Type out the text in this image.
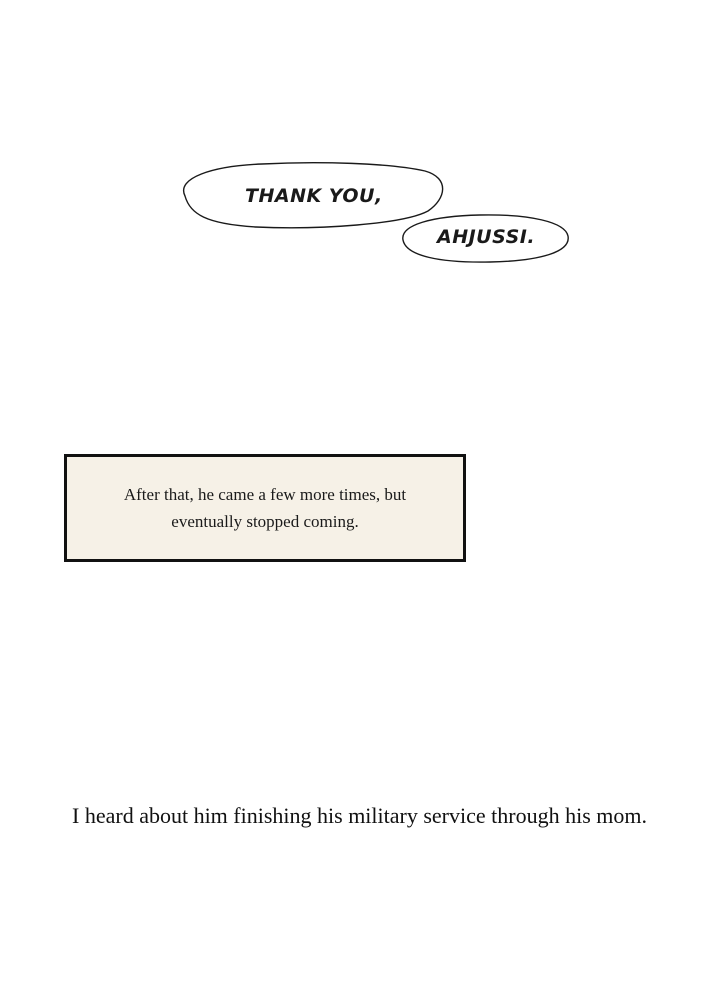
THANK YOU,
AHJUSSI.
After that, he came a few more times, but eventually stopped coming.
I heard about him finishing his military service through his mom.
